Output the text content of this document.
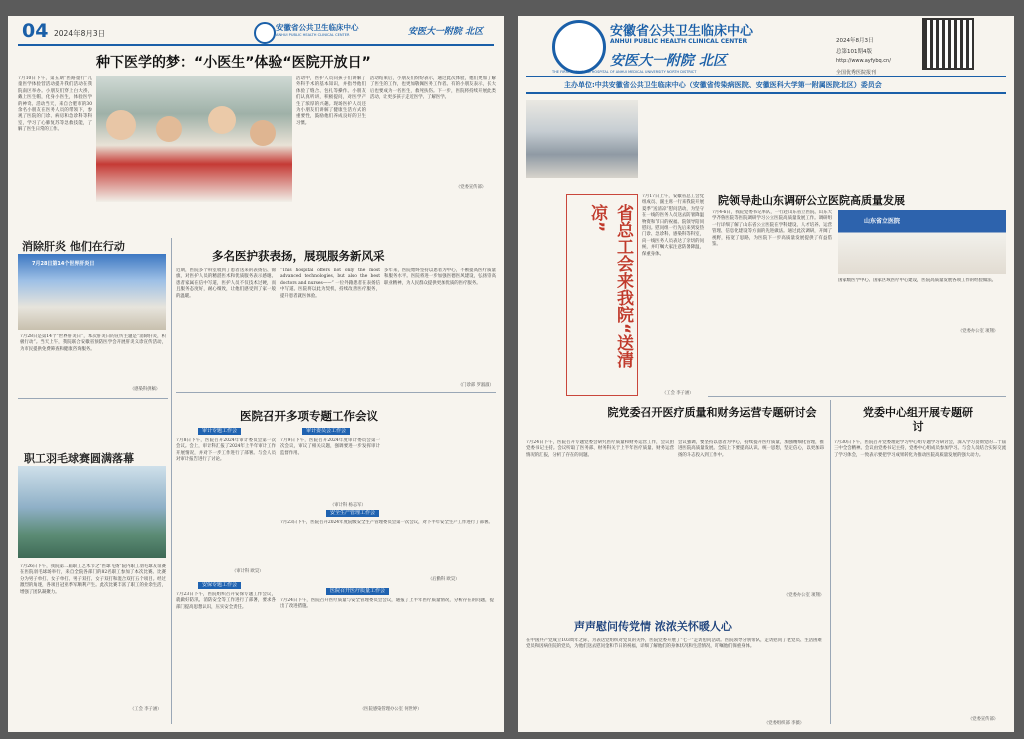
04 2024年8月3日
安徽省公共卫生临床中心
ANHUI PUBLIC HEALTH CLINICAL CENTER	安医大一附院 北区
种下医学的梦：“小医生”体验“医院开放日”
7月10日下午，第五期“医路童行”儿童医学体验营活动提升我们活动在我院南区举办。小朋友们穿上白大褂，戴上医生帽，化身小医生，体验医学的神奇。活动当天，来自合肥市的30余名小朋友在医务人员的带领下，参观了医院的门诊、病房和急诊科等科室，学习了心肺复苏等急救技能，了解了医生日常的工作。
活动中，医护人员向孩子们讲解了外科手术的基本知识，并指导他们体验了缝合、包扎等操作。小朋友们认真听讲，积极提问，对医学产生了浓厚的兴趣。现场医护人员还为小朋友们讲解了健康生活方式的重要性，鼓励他们养成良好的卫生习惯。
活动结束后，小朋友们纷纷表示，通过此次体验，他们更加了解了医生的工作，也更加敬佩医务工作者。有的小朋友表示，长大后也要成为一名医生，救死扶伤。下一步，医院将持续开展此类活动，让更多孩子走近医学、了解医学。
（党委宣传部）
消除肝炎 他们在行动
7月28日第14个世界肝炎日
7月28日是第14个“世界肝炎日”，本次肝炎日的宣传主题是“消除肝炎，积极行动”。当天上午，我院联合安徽省预防医学会开展肝炎义诊宣传活动，为市民提供免费筛查和健康咨询服务。
（感染科供稿）
职工羽毛球赛圆满落幕
7月26日下午，我院第二届职工艺术节之“医球飞扬”院内职工羽毛球友谊赛在医院羽毛球场举行，来自全院各部门的82名职工参加了本次比赛。比赛分为男子单打、女子单打、男子双打、女子双打和混合双打五个项目。经过激烈的角逐，各项目冠亚季军顺利产生。此次比赛丰富了职工的业余生活，增强了团队凝聚力。
（工会 李子涵）
多名医护获表扬，展现服务新风采
近期，医院多个科室收到了患者送来的表扬信、锦旗，对医护人员的精湛医术和优质服务表示感谢。患者家属在信中写道，医护人员不仅技术过硬，而且服务态度好，耐心细致，让他们感受到了家一般的温暖。
“This hospital offers not only the most advanced technologies, but also the best doctors and nurses——” 一位外籍患者在表扬信中写道。医院将以此为契机，持续改善医疗服务，提升患者就医体验。
多年来，医院始终坚持以患者为中心，不断提高医疗质量和服务水平。医院将进一步加强医德医风建设，弘扬崇高职业精神，为人民群众提供更加优质的医疗服务。
（门诊部 罗淑淑）
医院召开多项专题工作会议
审计专题工作会
7月8日下午，医院召开2024年审计委员会第一次会议。会上，审计科汇报了2024年上半年审计工作开展情况，并对下一步工作进行了部署。与会人员对审计报告进行了讨论。
（审计科 欧昊）
安保专题工作会
7月23日下午，医院组织召开安保专题工作会议，就做好防汛、消防安全等工作进行了部署，要求各部门提高思想认识，压实安全责任。
审计委员会工作会
7月9日下午，医院召开2024年度审计委员会第一次会议，审议了相关议题，强调要进一步发挥审计监督作用。
（审计科 杨志军）
安全生产管理工作会
7月23日下午，医院召开2024年度院级安全生产管理委员会第一次会议，对下半年安全生产工作进行了部署。
（后勤科 欧昊）
医院召开医疗质量工作会
7月24日下午，医院召开医疗质量与安全管理委员会会议，通报了上半年医疗质量情况，分析存在的问题，提出了改进措施。
（医院感染管理办公室 何世婷）
安徽省公共卫生临床中心
ANHUI PUBLIC HEALTH CLINICAL CENTER
安医大一附院 北区
2024年8月3日
总第101期4版
http://www.ayfybq.cn/
全国优秀医院报刊
THE FIRST AFFILIATED HOSPITAL OF ANHUI MEDICAL UNIVERSITY NORTH DISTRICT
主办单位:中共安徽省公共卫生临床中心（安徽省传染病医院、安徽医科大学第一附属医院北区）委员会
省总工会来我院“送清凉”
7月17日上午，安徽省总工会党组成员、副主席一行来我院开展夏季“送清凉”慰问活动，为坚守在一线的医务人员送去防暑降温物资和节日的祝福。院领导陪同慰问。慰问组一行先后来到发热门诊、急诊科、感染科等科室，向一线医务人员表达了亲切的问候，并叮嘱大家注意防暑降温，保重身体。
（工会 李子涵）
院领导赴山东调研公立医院高质量发展
7月4-6日，我院党委书记率队，一行赴山东省立医院、山东大学齐鲁医院等医院调研学习公立医院高质量发展工作。调研组一行详细了解了山东省公立医院在学科建设、人才培养、运营管理、信息化建设等方面的先进做法。通过此次调研，开阔了视野，拓宽了思路，为医院下一步高质量发展提供了有益借鉴。
山东省立医院
国家级医学中心、国家区域医疗中心建设，医院高质量发展各项工作的经验做法。
（党委办公室 项翔）
院党委召开医疗质量和财务运营专题研讨会
7月24日下午，医院召开专题党委会研究医疗质量和财务运营工作，会议由党委书记主持。会议听取了医务部、财务科关于上半年医疗质量、财务运营情况的汇报，分析了存在的问题。
会议强调，要坚持以患者为中心，持续提升医疗质量，加强精细化管理，推进医院高质量发展。全院上下要提高认识、统一思想，坚定信心，以更加昂扬的斗志投入到工作中。
（党委办公室 项翔）
党委中心组开展专题研讨
7月30日下午，医院召开党委理论学习中心组专题学习研讨会，深入学习贯彻党的二十届三中全会精神。会议由党委书记主持，党委中心组成员参加学习。与会人员结合实际交流了学习体会，一致表示要把学习成果转化为推动医院高质量发展的强大动力。
（党委宣传部）
声声慰问传党情 浓浓关怀暖人心
在中国共产党成立103周年之际，为表达党组织对党员的关怀，医院党委开展了“七一”走访慰问活动。医院领导分别带队，走访慰问了老党员、生活困难党员和因病住院的党员，为他们送去慰问金和节日的祝福，详细了解他们的身体状况和生活情况，叮嘱他们保重身体。
（党委组织部 李薇）
